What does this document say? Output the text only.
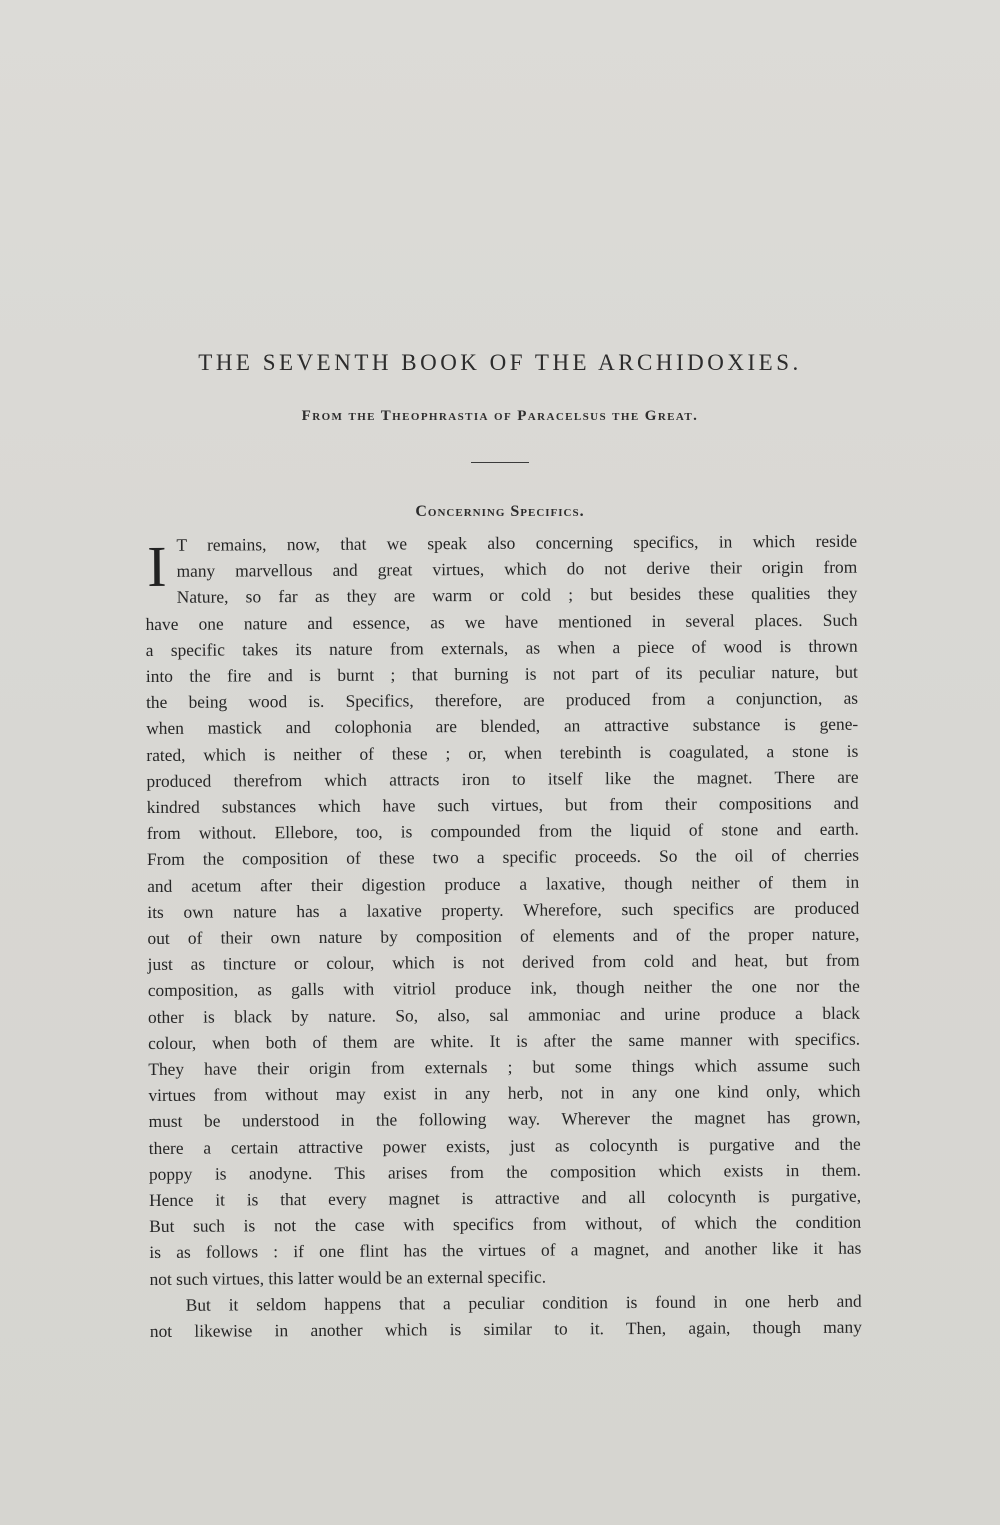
THE SEVENTH BOOK OF THE ARCHIDOXIES.
From the Theophrastia of Paracelsus the Great.
Concerning Specifics.
I T remains, now, that we speak also concerning specifics, in which reside
many marvellous and great virtues, which do not derive their origin from
Nature, so far as they are warm or cold ; but besides these qualities they
have one nature and essence, as we have mentioned in several places. Such
a specific takes its nature from externals, as when a piece of wood is thrown
into the fire and is burnt ; that burning is not part of its peculiar nature, but
the being wood is. Specifics, therefore, are produced from a conjunction, as
when mastick and colophonia are blended, an attractive substance is gene-
rated, which is neither of these ; or, when terebinth is coagulated, a stone is
produced therefrom which attracts iron to itself like the magnet. There are
kindred substances which have such virtues, but from their compositions and
from without. Ellebore, too, is compounded from the liquid of stone and earth.
From the composition of these two a specific proceeds. So the oil of cherries
and acetum after their digestion produce a laxative, though neither of them in
its own nature has a laxative property. Wherefore, such specifics are produced
out of their own nature by composition of elements and of the proper nature,
just as tincture or colour, which is not derived from cold and heat, but from
composition, as galls with vitriol produce ink, though neither the one nor the
other is black by nature. So, also, sal ammoniac and urine produce a black
colour, when both of them are white. It is after the same manner with specifics.
They have their origin from externals ; but some things which assume such
virtues from without may exist in any herb, not in any one kind only, which
must be understood in the following way. Wherever the magnet has grown,
there a certain attractive power exists, just as colocynth is purgative and the
poppy is anodyne. This arises from the composition which exists in them.
Hence it is that every magnet is attractive and all colocynth is purgative,
But such is not the case with specifics from without, of which the condition
is as follows : if one flint has the virtues of a magnet, and another like it has
not such virtues, this latter would be an external specific.
But it seldom happens that a peculiar condition is found in one herb and
not likewise in another which is similar to it. Then, again, though many
